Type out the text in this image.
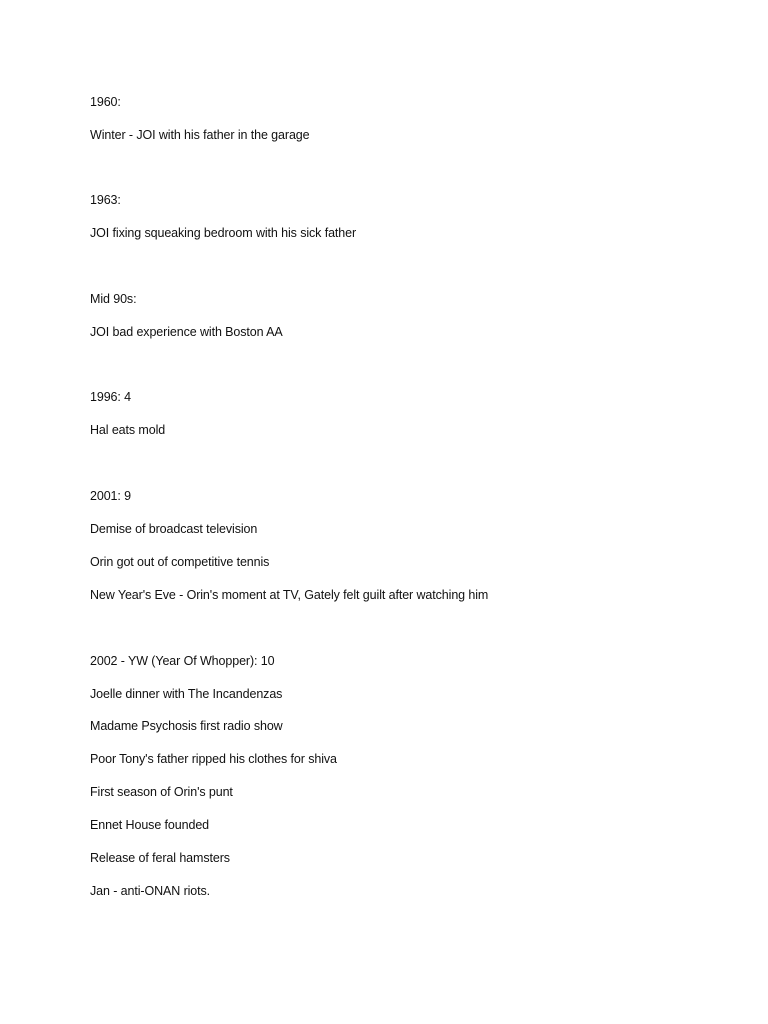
1960:
Winter - JOI with his father in the garage
1963:
JOI fixing squeaking bedroom with his sick father
Mid 90s:
JOI bad experience with Boston AA
1996: 4
Hal eats mold
2001: 9
Demise of broadcast television
Orin got out of competitive tennis
New Year's Eve - Orin's moment at TV, Gately felt guilt after watching him
2002 - YW (Year Of Whopper): 10
Joelle dinner with The Incandenzas
Madame Psychosis first radio show
Poor Tony's father ripped his clothes for shiva
First season of Orin's punt
Ennet House founded
Release of feral hamsters
Jan - anti-ONAN riots.
